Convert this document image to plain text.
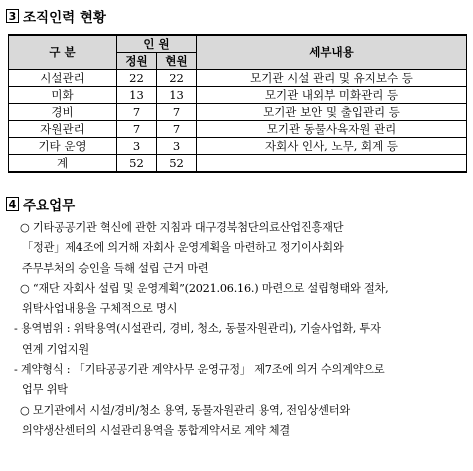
3 조직인력 현황
구 분	인 원		세부내용
	정원	현원	
시설관리	22	22	모기관 시설 관리 및 유지보수 등
미화	13	13	모기관 내외부 미화관리 등
경비	7	7	모기관 보안 및 출입관리 등
자원관리	7	7	모기관 동물사육자원 관리
기타 운영	3	3	자회사 인사, 노무, 회계 등
계	52	52	
4 주요업무
○ 기타공공기관 혁신에 관한 지침과 대구경북첨단의료산업진흥재단
「정관」제4조에 의거해 자회사 운영계획을 마련하고 정기이사회와
주무부처의 승인을 득해 설립 근거 마련
○ “재단 자회사 설립 및 운영계획”(2021.06.16.) 마련으로 설립형태와 절차,
위탁사업내용을 구체적으로 명시
- 용역범위 : 위탁용역(시설관리, 경비, 청소, 동물자원관리), 기술사업화, 투자
연계 기업지원
- 계약형식 : 「기타공공기관 계약사무 운영규정」 제7조에 의거 수의계약으로
업무 위탁
○ 모기관에서 시설/경비/청소 용역, 동물자원관리 용역, 전임상센터와
의약생산센터의 시설관리용역을 통합계약서로 계약 체결
